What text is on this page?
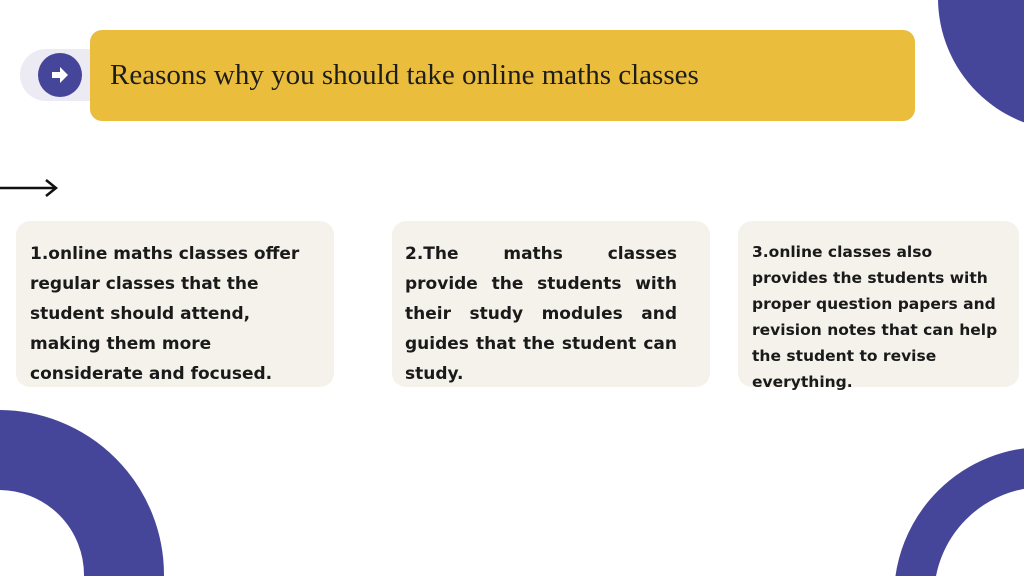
Reasons why you should take online maths classes

1.online maths classes offer regular classes that the student should attend, making them more considerate and focused.

2.The maths classes provide the students with their study modules and guides that the student can study.

3.online classes also provides the students with proper question papers and revision notes that can help the student to revise everything.
